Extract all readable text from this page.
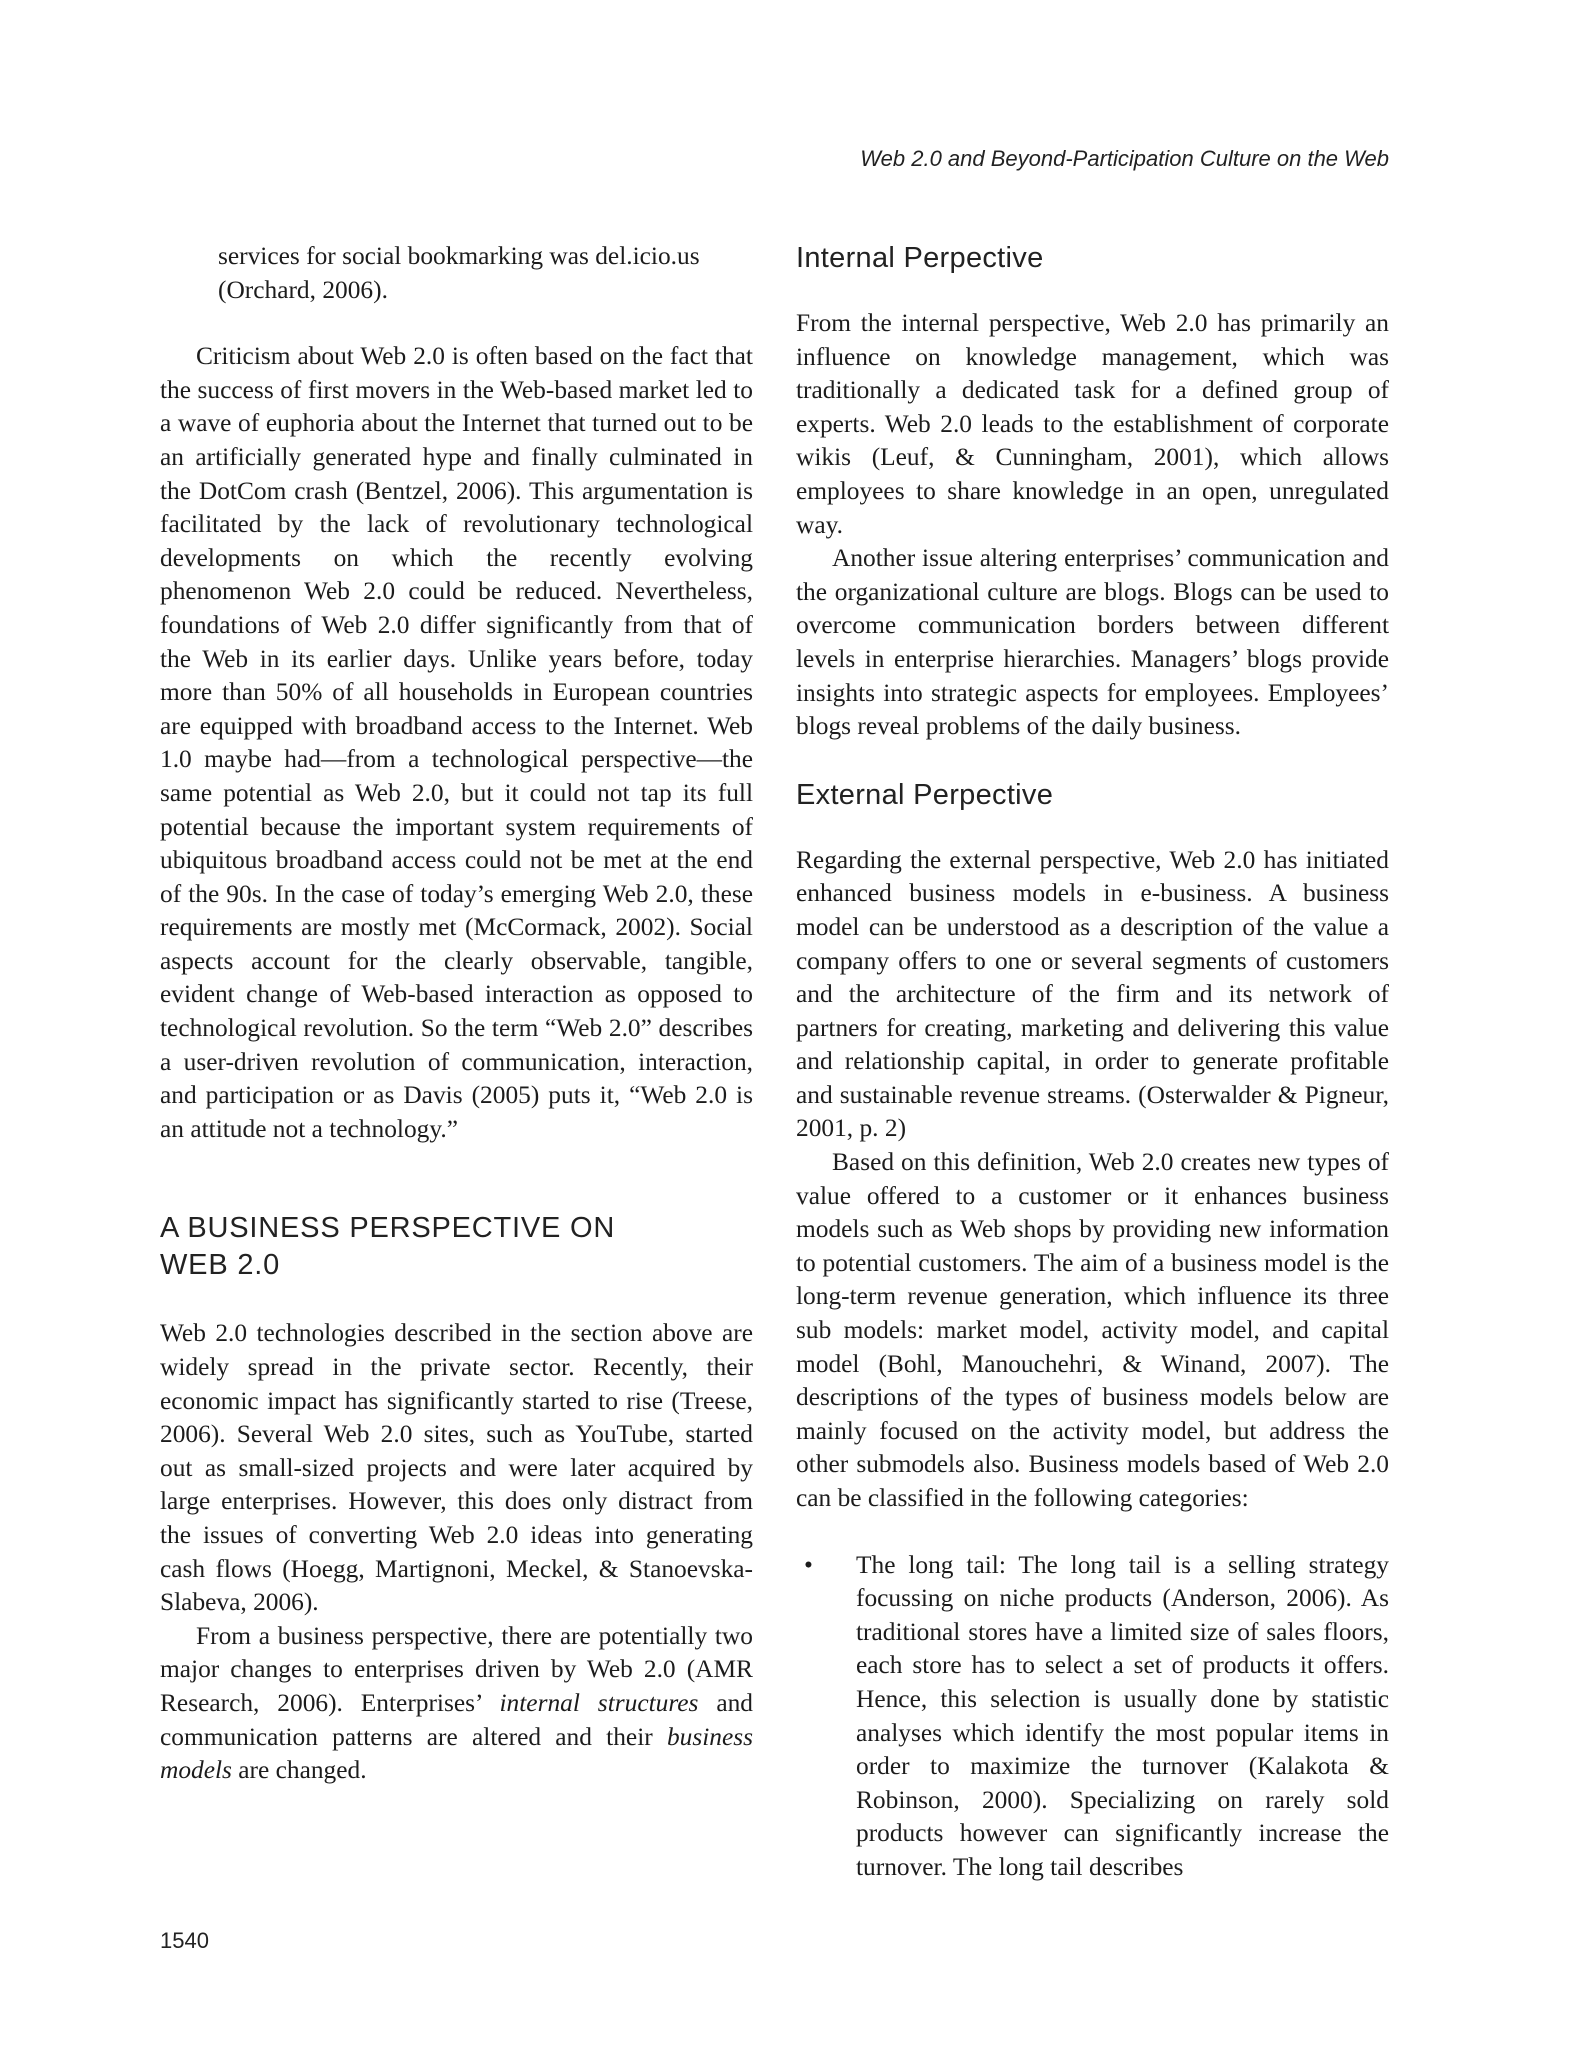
Web 2.0 and Beyond-Participation Culture on the Web

services for social bookmarking was del.icio.us (Orchard, 2006).

Criticism about Web 2.0 is often based on the fact that the success of first movers in the Web-based market led to a wave of euphoria about the Internet that turned out to be an artificially generated hype and finally culminated in the DotCom crash (Bentzel, 2006). This argumentation is facilitated by the lack of revolutionary technological developments on which the recently evolving phenomenon Web 2.0 could be reduced. Nevertheless, foundations of Web 2.0 differ significantly from that of the Web in its earlier days. Unlike years before, today more than 50% of all households in European countries are equipped with broadband access to the Internet. Web 1.0 maybe had—from a technological perspective—the same potential as Web 2.0, but it could not tap its full potential because the important system requirements of ubiquitous broadband access could not be met at the end of the 90s. In the case of today’s emerging Web 2.0, these requirements are mostly met (McCormack, 2002). Social aspects account for the clearly observable, tangible, evident change of Web-based interaction as opposed to technological revolution. So the term “Web 2.0” describes a user-driven revolution of communication, interaction, and participation or as Davis (2005) puts it, “Web 2.0 is an attitude not a technology.”

A BUSINESS PERSPECTIVE ON WEB 2.0

Web 2.0 technologies described in the section above are widely spread in the private sector. Recently, their economic impact has significantly started to rise (Treese, 2006). Several Web 2.0 sites, such as YouTube, started out as small-sized projects and were later acquired by large enterprises. However, this does only distract from the issues of converting Web 2.0 ideas into generating cash flows (Hoegg, Martignoni, Meckel, & Stanoevska-Slabeva, 2006).

From a business perspective, there are potentially two major changes to enterprises driven by Web 2.0 (AMR Research, 2006). Enterprises’ internal structures and communication patterns are altered and their business models are changed.

Internal Perpective

From the internal perspective, Web 2.0 has primarily an influence on knowledge management, which was traditionally a dedicated task for a defined group of experts. Web 2.0 leads to the establishment of corporate wikis (Leuf, & Cunningham, 2001), which allows employees to share knowledge in an open, unregulated way.

Another issue altering enterprises’ communication and the organizational culture are blogs. Blogs can be used to overcome communication borders between different levels in enterprise hierarchies. Managers’ blogs provide insights into strategic aspects for employees. Employees’ blogs reveal problems of the daily business.

External Perpective

Regarding the external perspective, Web 2.0 has initiated enhanced business models in e-business. A business model can be understood as a description of the value a company offers to one or several segments of customers and the architecture of the firm and its network of partners for creating, marketing and delivering this value and relationship capital, in order to generate profitable and sustainable revenue streams. (Osterwalder & Pigneur, 2001, p. 2)

Based on this definition, Web 2.0 creates new types of value offered to a customer or it enhances business models such as Web shops by providing new information to potential customers. The aim of a business model is the long-term revenue generation, which influence its three sub models: market model, activity model, and capital model (Bohl, Manouchehri, & Winand, 2007). The descriptions of the types of business models below are mainly focused on the activity model, but address the other submodels also. Business models based of Web 2.0 can be classified in the following categories:

• The long tail: The long tail is a selling strategy focussing on niche products (Anderson, 2006). As traditional stores have a limited size of sales floors, each store has to select a set of products it offers. Hence, this selection is usually done by statistic analyses which identify the most popular items in order to maximize the turnover (Kalakota & Robinson, 2000). Specializing on rarely sold products however can significantly increase the turnover. The long tail describes

1540
